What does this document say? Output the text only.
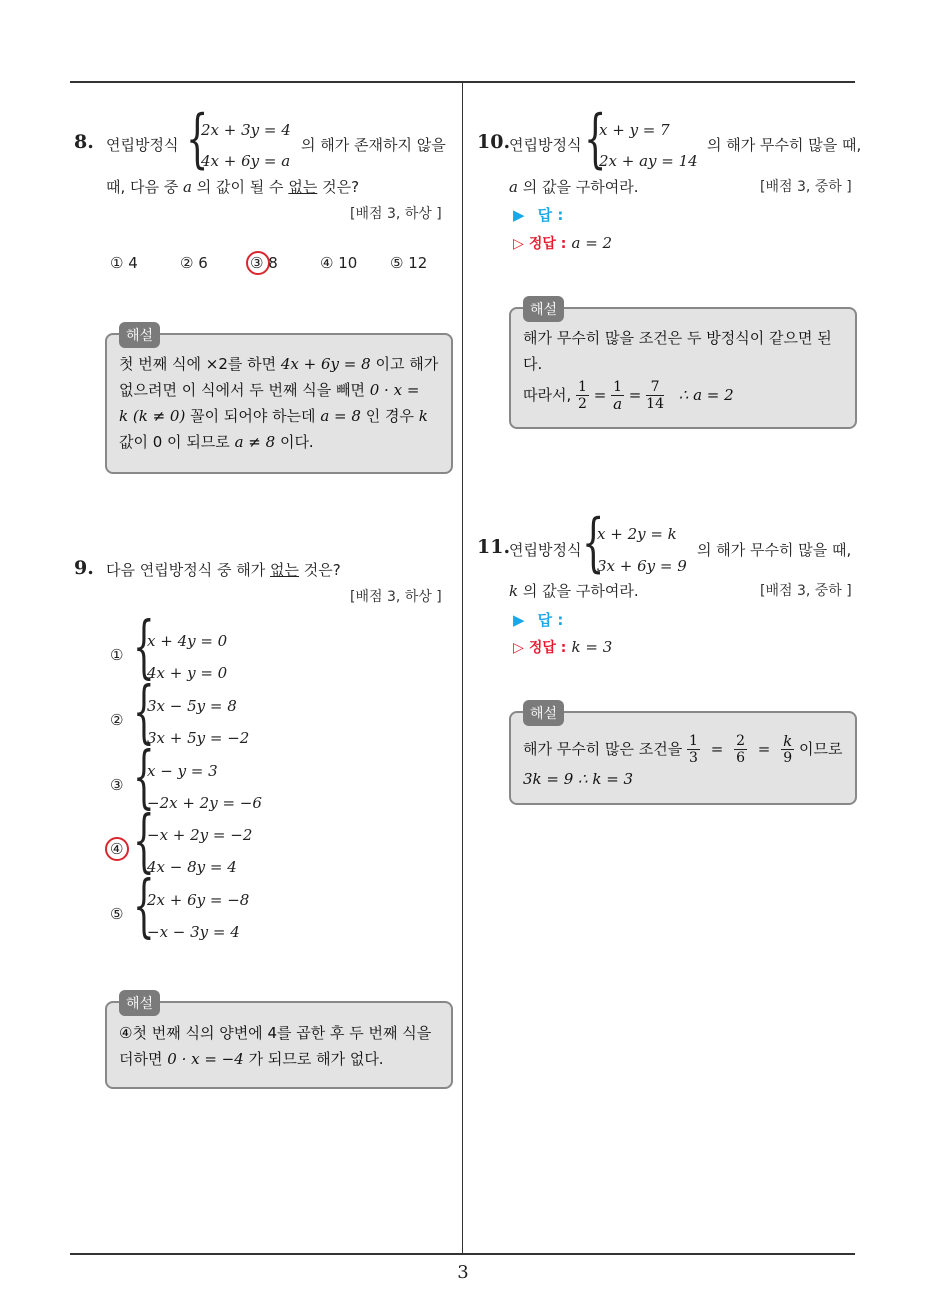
3
8. 연립방정식 {
2x + 3y = 4
4x + 6y = a
의 해가 존재하지 않을
때, 다음 중 a 의 값이 될 수 없는 것은?
[배점 3, 하상 ]
① 4	② 6	③ 8	④ 10 ⑤ 12
첫 번째 식에 ×2를 하면 4x + 6y = 8 이고 해가
없으려면 이 식에서 두 번째 식을 빼면 0 · x =
k (k ≠ 0) 꼴이 되어야 하는데 a = 8 인 경우 k
값이 0 이 되므로 a ≠ 8 이다.
해설
9. 다음 연립방정식 중 해가 없는 것은?
[배점 3, 하상 ]
① {
x + 4y = 0
4x + y = 0
② {
3x − 5y = 8
3x + 5y = −2
③ {
x − y = 3
−2x + 2y = −6
④ {
−x + 2y = −2
4x − 8y = 4
⑤ {
2x + 6y = −8
−x − 3y = 4
④첫 번째 식의 양변에 4를 곱한 후 두 번째 식을
더하면 0 · x = −4 가 되므로 해가 없다.
해설
10.
연립방정식 {
x + y = 7
2x + ay = 14
의 해가 무수히 많을 때,
a 의 값을 구하여라.	[배점 3, 중하 ]
▶ 답 :
▷ 정답 : a = 2
해가 무수히 많을 조건은 두 방정식이 같으면 된
다.
따라서, $\frac{1}{2} = \frac{1}{a} = \frac{7}{14}$ ∴ a = 2
해설
11.
연립방정식 {
x + 2y = k
3x + 6y = 9
의 해가 무수히 많을 때,
k 의 값을 구하여라.	[배점 3, 중하 ]
▶ 답 :
▷ 정답 : k = 3
해가 무수히 많은 조건을 $\frac{1}{3} = \frac{2}{6} = \frac{k}{9}$ 이므로
3k = 9 ∴ k = 3
해설
